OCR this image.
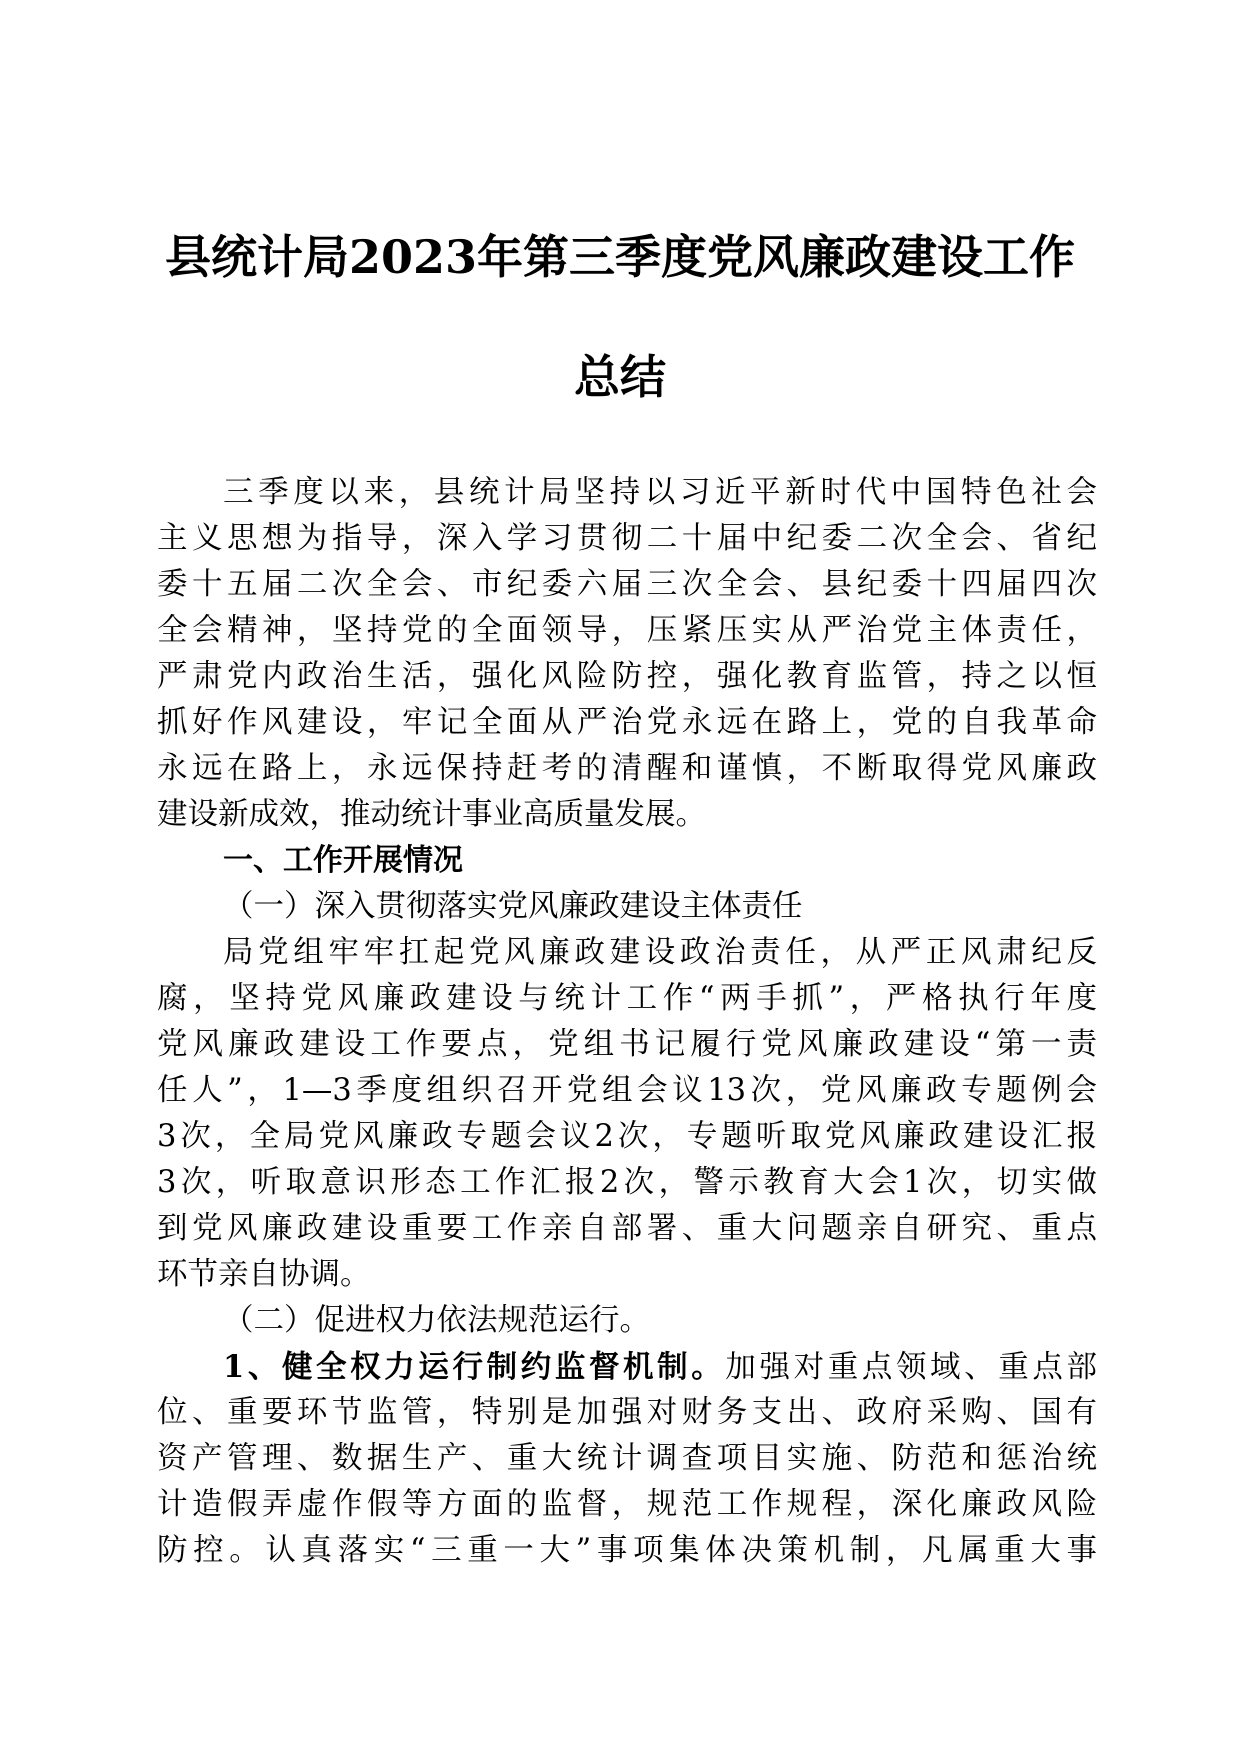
县统计局2023年第三季度党风廉政建设工作
总结
三季度以来，县统计局坚持以习近平新时代中国特色社会
主义思想为指导，深入学习贯彻二十届中纪委二次全会、省纪
委十五届二次全会、市纪委六届三次全会、县纪委十四届四次
全会精神，坚持党的全面领导，压紧压实从严治党主体责任，
严肃党内政治生活，强化风险防控，强化教育监管，持之以恒
抓好作风建设，牢记全面从严治党永远在路上，党的自我革命
永远在路上，永远保持赶考的清醒和谨慎，不断取得党风廉政
建设新成效，推动统计事业高质量发展。
一、工作开展情况
（一）深入贯彻落实党风廉政建设主体责任
局党组牢牢扛起党风廉政建设政治责任，从严正风肃纪反
腐，坚持党风廉政建设与统计工作“两手抓”，严格执行年度
党风廉政建设工作要点，党组书记履行党风廉政建设“第一责
任人”，1—3季度组织召开党组会议13次，党风廉政专题例会
3次，全局党风廉政专题会议2次，专题听取党风廉政建设汇报
3次，听取意识形态工作汇报2次，警示教育大会1次，切实做
到党风廉政建设重要工作亲自部署、重大问题亲自研究、重点
环节亲自协调。
（二）促进权力依法规范运行。
1、健全权力运行制约监督机制。加强对重点领域、重点部
位、重要环节监管，特别是加强对财务支出、政府采购、国有
资产管理、数据生产、重大统计调查项目实施、防范和惩治统
计造假弄虚作假等方面的监督，规范工作规程，深化廉政风险
防控。认真落实“三重一大”事项集体决策机制，凡属重大事
